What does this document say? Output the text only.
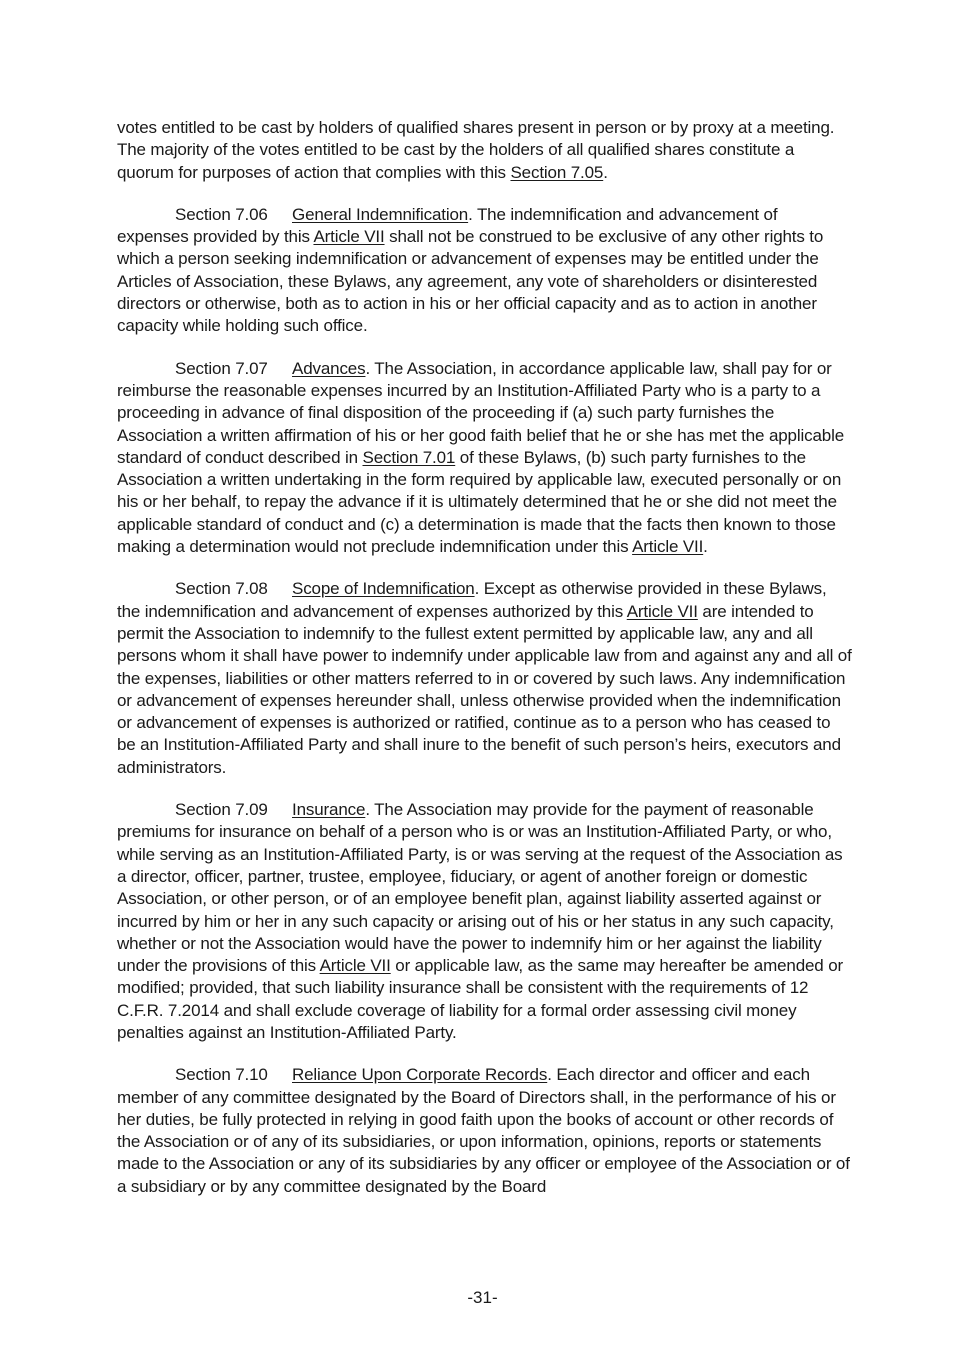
votes entitled to be cast by holders of qualified shares present in person or by proxy at a meeting. The majority of the votes entitled to be cast by the holders of all qualified shares constitute a quorum for purposes of action that complies with this Section 7.05.

Section 7.06 General Indemnification. The indemnification and advancement of expenses provided by this Article VII shall not be construed to be exclusive of any other rights to which a person seeking indemnification or advancement of expenses may be entitled under the Articles of Association, these Bylaws, any agreement, any vote of shareholders or disinterested directors or otherwise, both as to action in his or her official capacity and as to action in another capacity while holding such office.

Section 7.07 Advances. The Association, in accordance applicable law, shall pay for or reimburse the reasonable expenses incurred by an Institution-Affiliated Party who is a party to a proceeding in advance of final disposition of the proceeding if (a) such party furnishes the Association a written affirmation of his or her good faith belief that he or she has met the applicable standard of conduct described in Section 7.01 of these Bylaws, (b) such party furnishes to the Association a written undertaking in the form required by applicable law, executed personally or on his or her behalf, to repay the advance if it is ultimately determined that he or she did not meet the applicable standard of conduct and (c) a determination is made that the facts then known to those making a determination would not preclude indemnification under this Article VII.

Section 7.08 Scope of Indemnification. Except as otherwise provided in these Bylaws, the indemnification and advancement of expenses authorized by this Article VII are intended to permit the Association to indemnify to the fullest extent permitted by applicable law, any and all persons whom it shall have power to indemnify under applicable law from and against any and all of the expenses, liabilities or other matters referred to in or covered by such laws. Any indemnification or advancement of expenses hereunder shall, unless otherwise provided when the indemnification or advancement of expenses is authorized or ratified, continue as to a person who has ceased to be an Institution-Affiliated Party and shall inure to the benefit of such person’s heirs, executors and administrators.

Section 7.09 Insurance. The Association may provide for the payment of reasonable premiums for insurance on behalf of a person who is or was an Institution-Affiliated Party, or who, while serving as an Institution-Affiliated Party, is or was serving at the request of the Association as a director, officer, partner, trustee, employee, fiduciary, or agent of another foreign or domestic Association, or other person, or of an employee benefit plan, against liability asserted against or incurred by him or her in any such capacity or arising out of his or her status in any such capacity, whether or not the Association would have the power to indemnify him or her against the liability under the provisions of this Article VII or applicable law, as the same may hereafter be amended or modified; provided, that such liability insurance shall be consistent with the requirements of 12 C.F.R. 7.2014 and shall exclude coverage of liability for a formal order assessing civil money penalties against an Institution-Affiliated Party.

Section 7.10 Reliance Upon Corporate Records. Each director and officer and each member of any committee designated by the Board of Directors shall, in the performance of his or her duties, be fully protected in relying in good faith upon the books of account or other records of the Association or of any of its subsidiaries, or upon information, opinions, reports or statements made to the Association or any of its subsidiaries by any officer or employee of the Association or of a subsidiary or by any committee designated by the Board

-31-
